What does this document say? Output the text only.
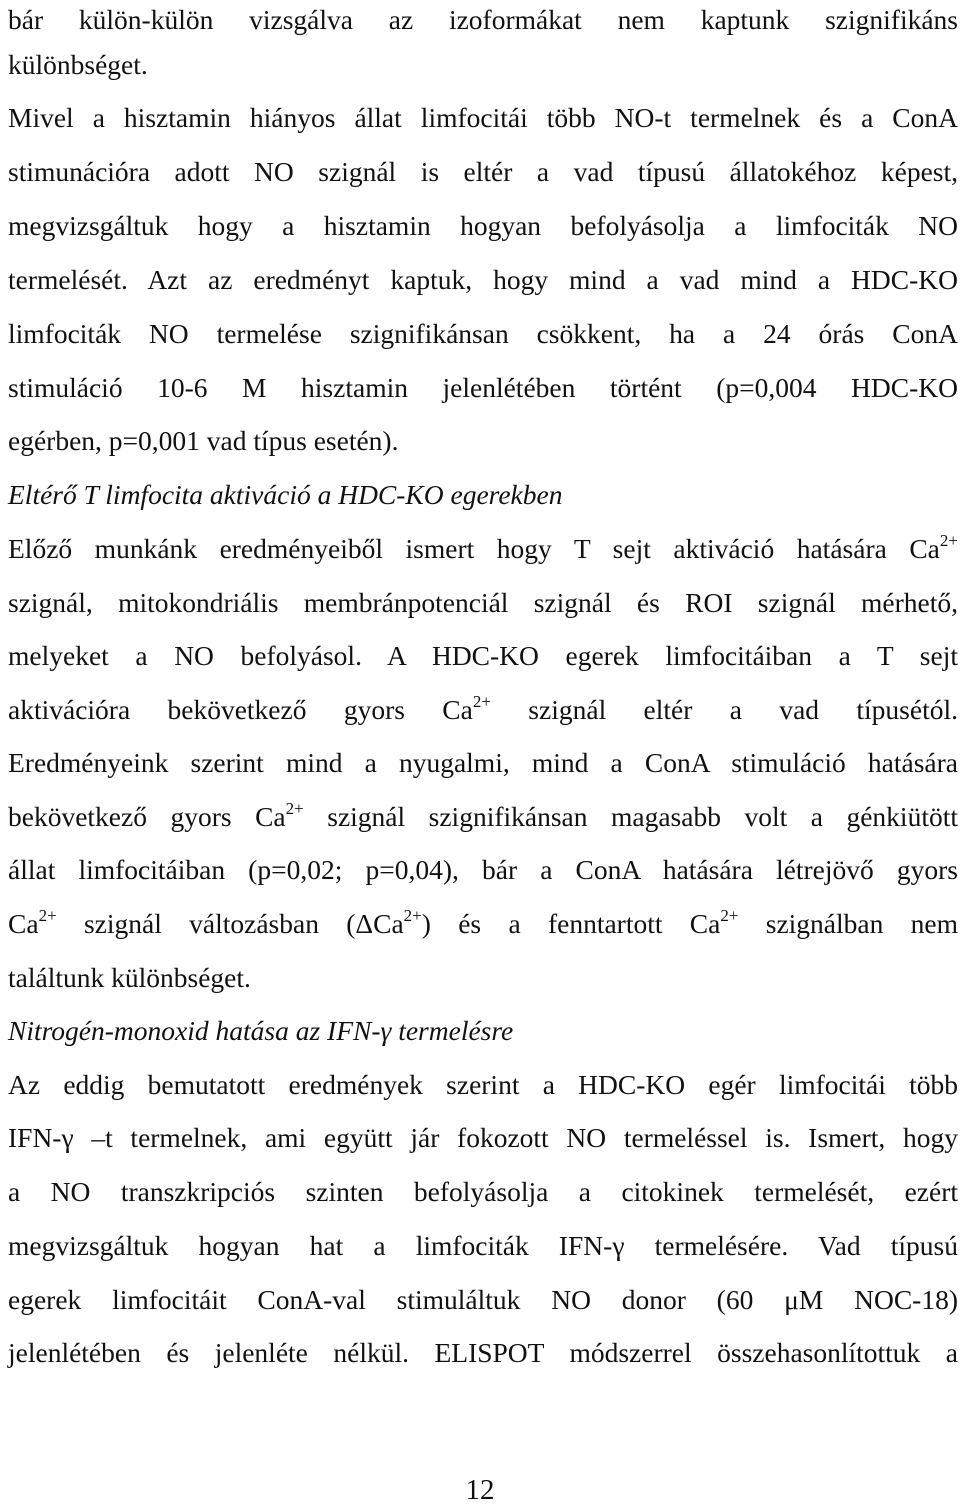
bár külön-külön vizsgálva az izoformákat nem kaptunk szignifikáns
különbséget.
Mivel a hisztamin hiányos állat limfocitái több NO-t termelnek és a ConA
stimunációra adott NO szignál is eltér a vad típusú állatokéhoz képest,
megvizsgáltuk hogy a hisztamin hogyan befolyásolja a limfociták NO
termelését. Azt az eredményt kaptuk, hogy mind a vad mind a HDC-KO
limfociták NO termelése szignifikánsan csökkent, ha a 24 órás ConA
stimuláció 10-6 M hisztamin jelenlétében történt (p=0,004 HDC-KO
egérben, p=0,001 vad típus esetén).
Eltérő T limfocita aktiváció a HDC-KO egerekben
Előző munkánk eredményeiből ismert hogy T sejt aktiváció hatására $Ca^{2+}$
szignál, mitokondriális membránpotenciál szignál és ROI szignál mérhető,
melyeket a NO befolyásol. A HDC-KO egerek limfocitáiban a T sejt
aktivációra bekövetkező gyors $Ca^{2+}$ szignál eltér a vad típusétól.
Eredményeink szerint mind a nyugalmi, mind a ConA stimuláció hatására
bekövetkező gyors $Ca^{2+}$ szignál szignifikánsan magasabb volt a génkiütött
állat limfocitáiban (p=0,02; p=0,04), bár a ConA hatására létrejövő gyors
$Ca^{2+}$ szignál változásban (ΔCa$^{2+}$) és a fenntartott $Ca^{2+}$ szignálban nem
találtunk különbséget.
Nitrogén-monoxid hatása az IFN-γ termelésre
Az eddig bemutatott eredmények szerint a HDC-KO egér limfocitái több
IFN-γ –t termelnek, ami együtt jár fokozott NO termeléssel is. Ismert, hogy
a NO transzkripciós szinten befolyásolja a citokinek termelését, ezért
megvizsgáltuk hogyan hat a limfociták IFN-γ termelésére. Vad típusú
egerek limfocitáit ConA-val stimuláltuk NO donor (60 μM NOC-18)
jelenlétében és jelenléte nélkül. ELISPOT módszerrel összehasonlítottuk a
12
